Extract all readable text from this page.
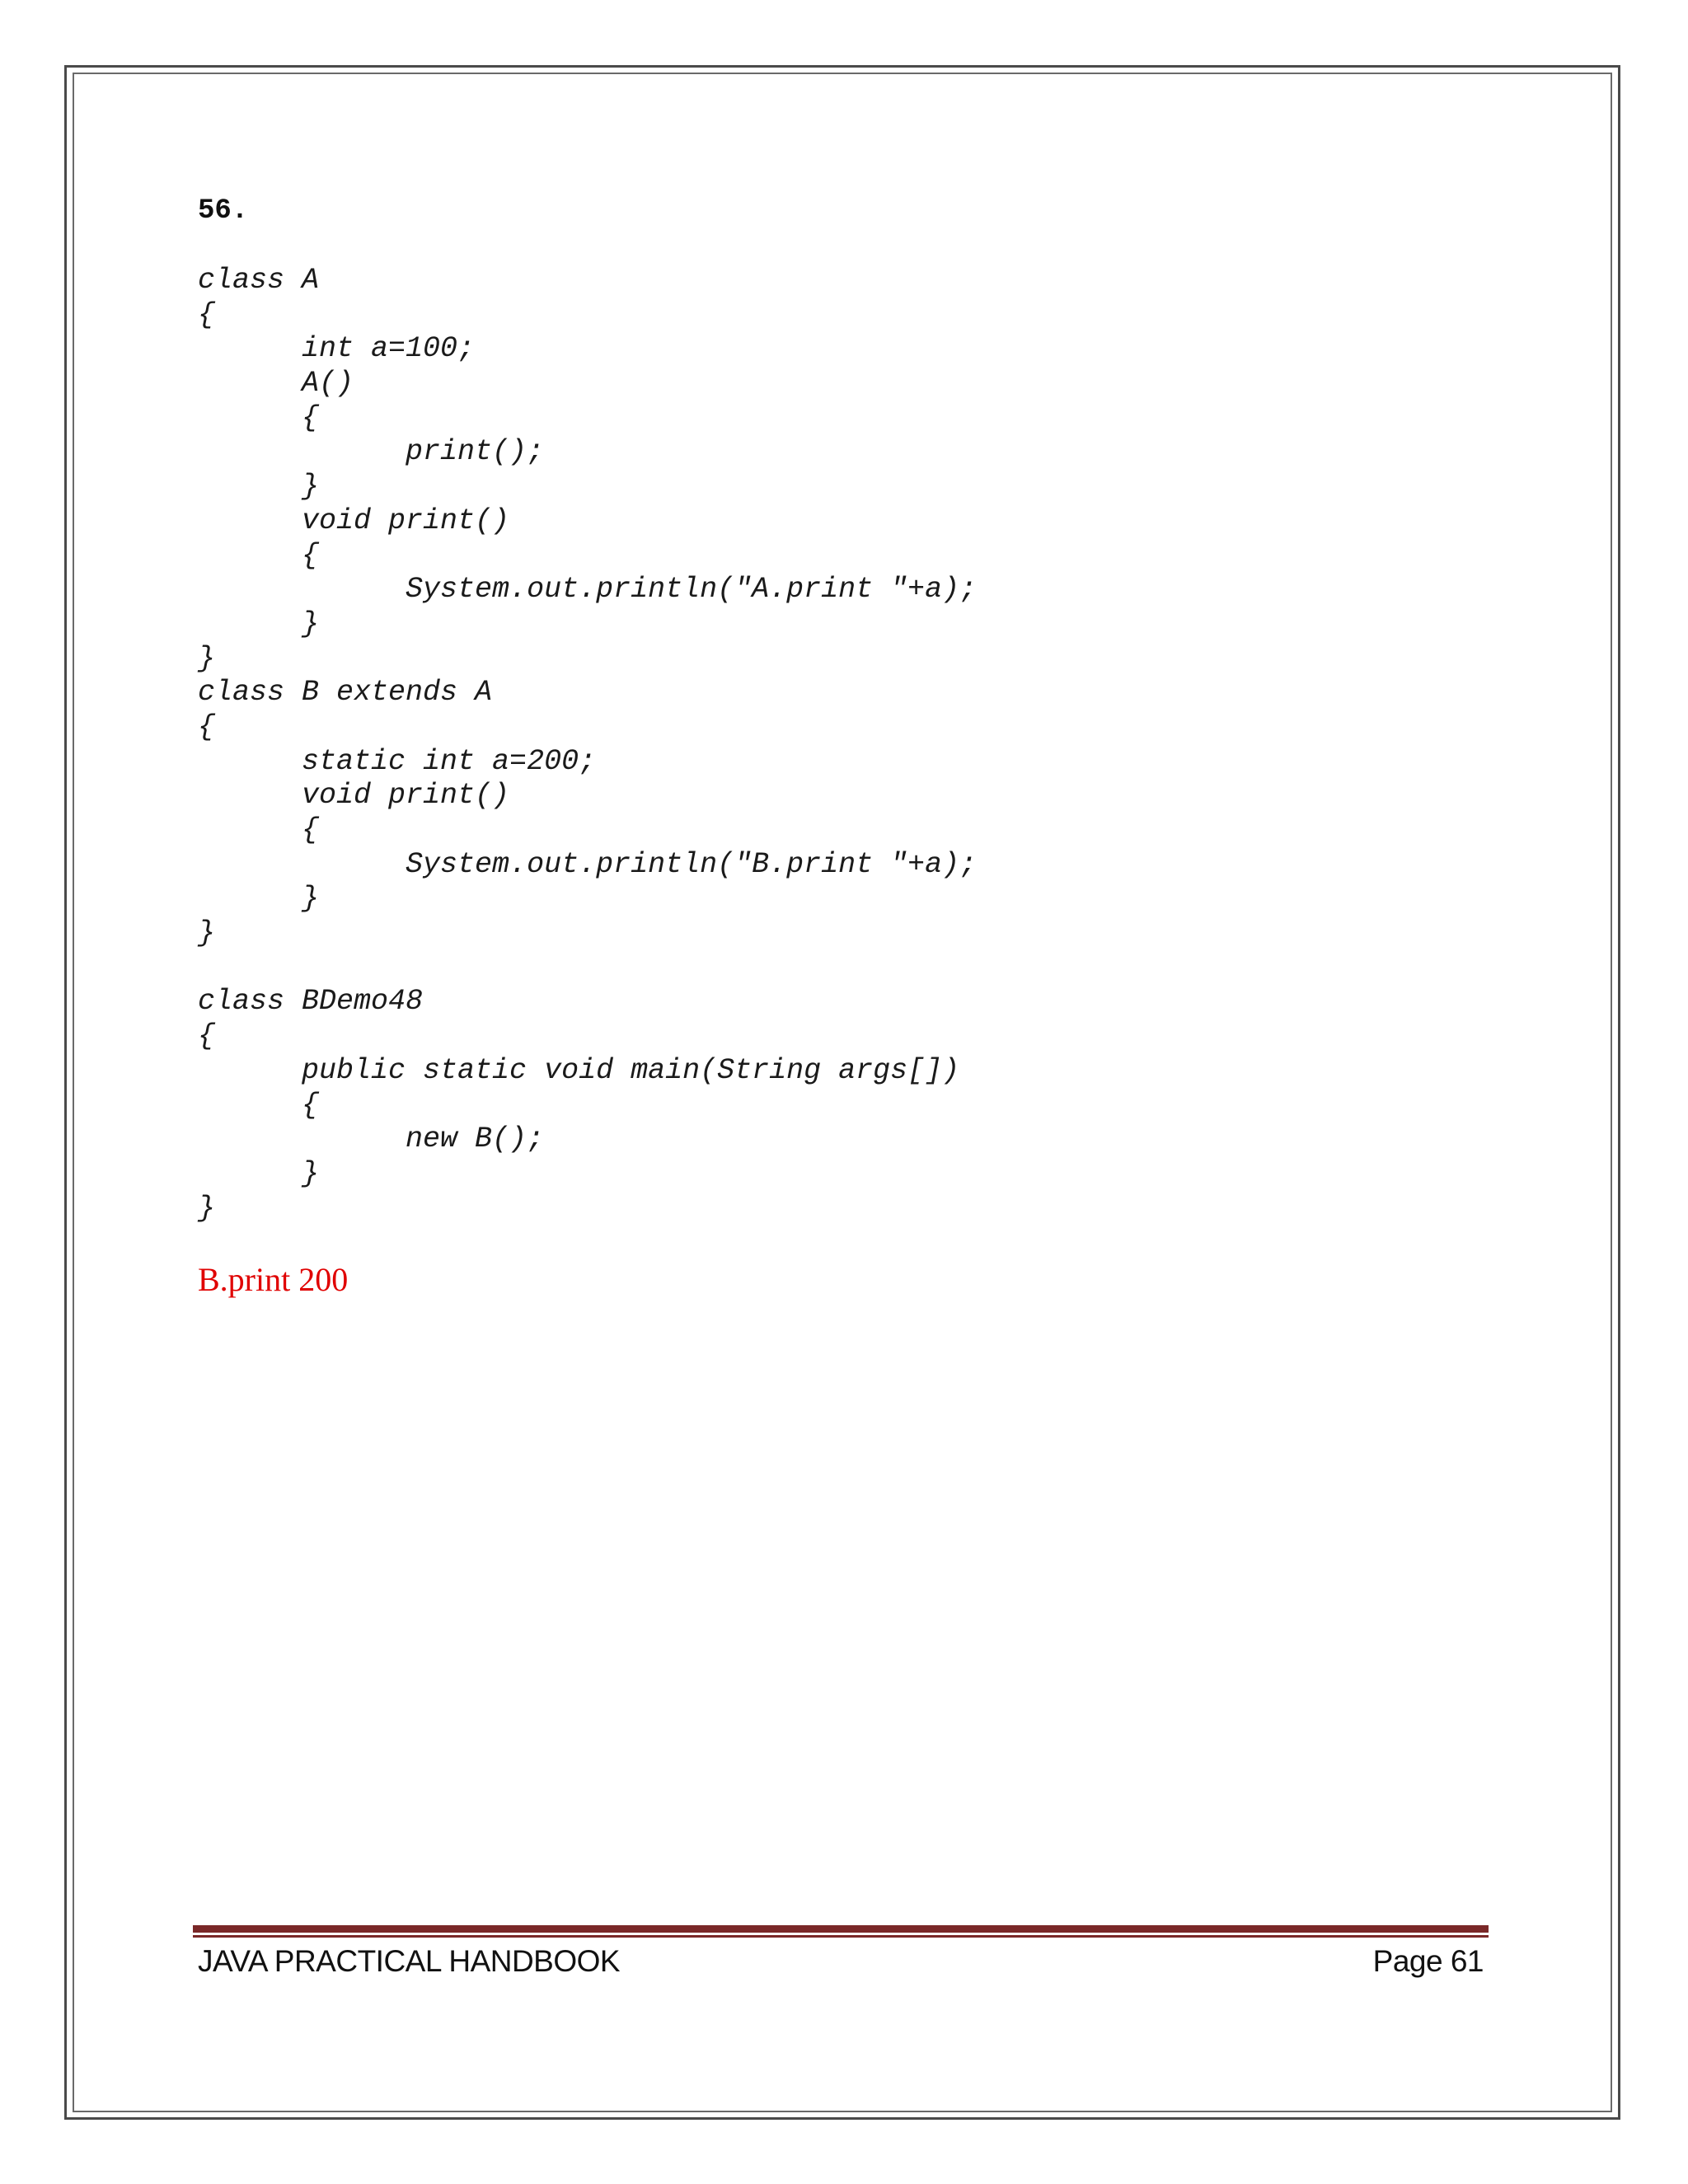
56.
class A
{
int a=100;
A()
{
print();
}
void print()
{
System.out.println("A.print "+a);
}
}
class B extends A
{
static int a=200;
void print()
{
System.out.println("B.print "+a);
}
}
class BDemo48
{
public static void main(String args[])
{
new B();
}
}
B.print 200
JAVA PRACTICAL HANDBOOK	Page 61
